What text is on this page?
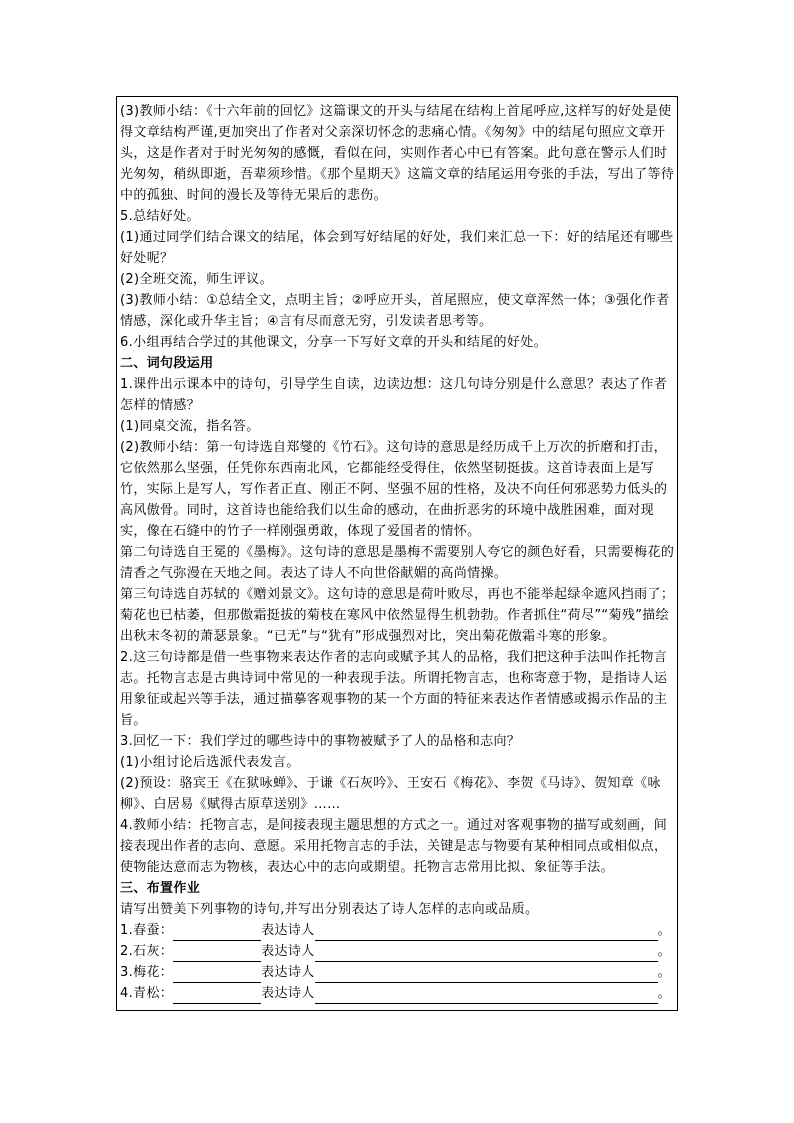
(3)教师小结：《十六年前的回忆》这篇课文的开头与结尾在结构上首尾呼应,这样写的好处是使得文章结构严谨,更加突出了作者对父亲深切怀念的悲痛心情。《匆匆》中的结尾句照应文章开头，这是作者对于时光匆匆的感慨，看似在问，实则作者心中已有答案。此句意在警示人们时光匆匆，稍纵即逝，吾辈须珍惜。《那个星期天》这篇文章的结尾运用夸张的手法，写出了等待中的孤独、时间的漫长及等待无果后的悲伤。

5.总结好处。

(1)通过同学们结合课文的结尾，体会到写好结尾的好处，我们来汇总一下：好的结尾还有哪些好处呢？

(2)全班交流，师生评议。

(3)教师小结：①总结全文，点明主旨；②呼应开头，首尾照应，使文章浑然一体；③强化作者情感，深化或升华主旨；④言有尽而意无穷，引发读者思考等。

6.小组再结合学过的其他课文，分享一下写好文章的开头和结尾的好处。

二、词句段运用

1.课件出示课本中的诗句，引导学生自读，边读边想：这几句诗分别是什么意思？表达了作者怎样的情感？

(1)同桌交流，指名答。

(2)教师小结：第一句诗选自郑燮的《竹石》。这句诗的意思是经历成千上万次的折磨和打击，它依然那么坚强，任凭你东西南北风，它都能经受得住，依然坚韧挺拔。这首诗表面上是写竹，实际上是写人，写作者正直、刚正不阿、坚强不屈的性格，及决不向任何邪恶势力低头的高风傲骨。同时，这首诗也能给我们以生命的感动，在曲折恶劣的环境中战胜困难，面对现实，像在石缝中的竹子一样刚强勇敢，体现了爱国者的情怀。

第二句诗选自王冕的《墨梅》。这句诗的意思是墨梅不需要别人夸它的颜色好看，只需要梅花的清香之气弥漫在天地之间。表达了诗人不向世俗献媚的高尚情操。

第三句诗选自苏轼的《赠刘景文》。这句诗的意思是荷叶败尽，再也不能举起绿伞遮风挡雨了；菊花也已枯萎，但那傲霜挺拔的菊枝在寒风中依然显得生机勃勃。作者抓住“荷尽”“菊残”描绘出秋末冬初的萧瑟景象。“已无”与“犹有”形成强烈对比，突出菊花傲霜斗寒的形象。

2.这三句诗都是借一些事物来表达作者的志向或赋予其人的品格，我们把这种手法叫作托物言志。托物言志是古典诗词中常见的一种表现手法。所谓托物言志，也称寄意于物，是指诗人运用象征或起兴等手法，通过描摹客观事物的某一个方面的特征来表达作者情感或揭示作品的主旨。

3.回忆一下：我们学过的哪些诗中的事物被赋予了人的品格和志向？

(1)小组讨论后选派代表发言。

(2)预设：骆宾王《在狱咏蝉》、于谦《石灰吟》、王安石《梅花》、李贺《马诗》、贺知章《咏柳》、白居易《赋得古原草送别》……

4.教师小结：托物言志，是间接表现主题思想的方式之一。通过对客观事物的描写或刻画，间接表现出作者的志向、意愿。采用托物言志的手法，关键是志与物要有某种相同点或相似点，使物能达意而志为物核，表达心中的志向或期望。托物言志常用比拟、象征等手法。

三、布置作业

请写出赞美下列事物的诗句,并写出分别表达了诗人怎样的志向或品质。

1.春蚕：	表达诗人	。
2.石灰：	表达诗人	。
3.梅花：	表达诗人	。
4.青松：	表达诗人	。
